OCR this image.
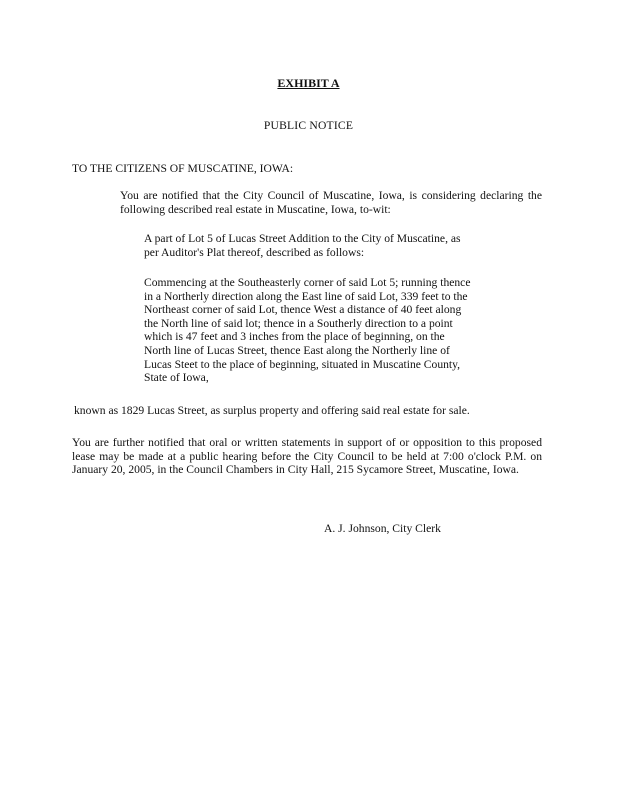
EXHIBIT A
PUBLIC NOTICE
TO THE CITIZENS OF MUSCATINE, IOWA:
You are notified that the City Council of Muscatine, Iowa, is considering declaring the
following described real estate in Muscatine, Iowa, to-wit:
A part of Lot 5 of Lucas Street Addition to the City of Muscatine, as
per Auditor's Plat thereof, described as follows:
Commencing at the Southeasterly corner of said Lot 5; running thence
in a Northerly direction along the East line of said Lot, 339 feet to the
Northeast corner of said Lot, thence West a distance of 40 feet along
the North line of said lot; thence in a Southerly direction to a point
which is 47 feet and 3 inches from the place of beginning, on the
North line of Lucas Street, thence East along the Northerly line of
Lucas Steet to the place of beginning, situated in Muscatine County,
State of Iowa,
known as 1829 Lucas Street, as surplus property and offering said real estate for sale.
You are further notified that oral or written statements in support of or opposition to this proposed
lease may be made at a public hearing before the City Council to be held at 7:00 o'clock P.M. on
January 20, 2005, in the Council Chambers in City Hall, 215 Sycamore Street, Muscatine, Iowa.
A. J. Johnson, City Clerk
